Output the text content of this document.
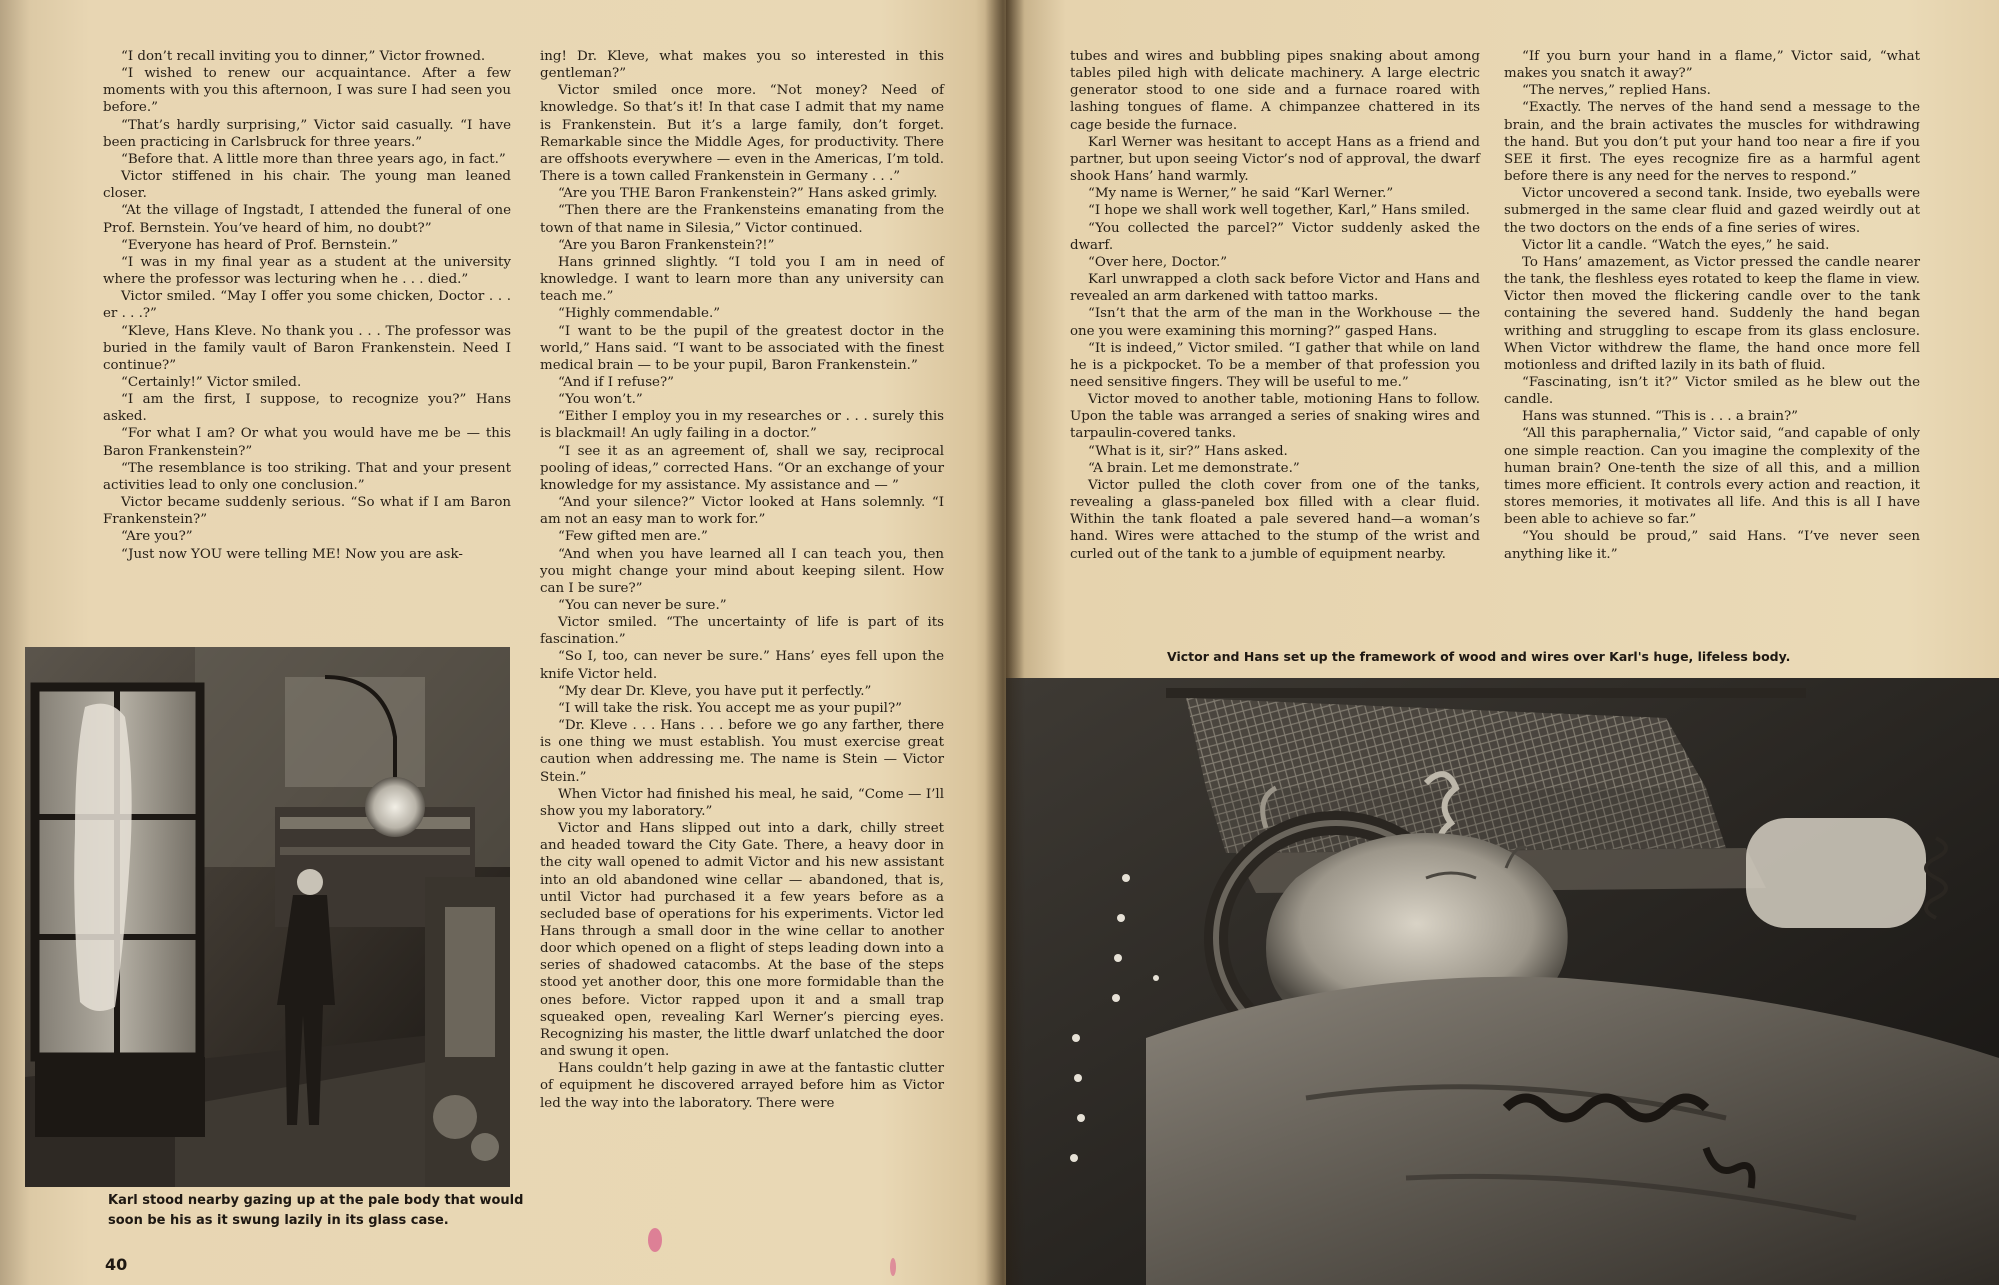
“I don’t recall inviting you to dinner,” Victor frowned.

“I wished to renew our acquaintance. After a few moments with you this afternoon, I was sure I had seen you before.”

“That’s hardly surprising,” Victor said casually. “I have been practicing in Carlsbruck for three years.”

“Before that. A little more than three years ago, in fact.”

Victor stiffened in his chair. The young man leaned closer.

“At the village of Ingstadt, I attended the funeral of one Prof. Bernstein. You’ve heard of him, no doubt?”

“Everyone has heard of Prof. Bernstein.”

“I was in my final year as a student at the university where the professor was lecturing when he . . . died.”

Victor smiled. “May I offer you some chicken, Doctor . . . er . . .?”

“Kleve, Hans Kleve. No thank you . . . The professor was buried in the family vault of Baron Frankenstein. Need I continue?”

“Certainly!” Victor smiled.

“I am the first, I suppose, to recognize you?” Hans asked.

“For what I am? Or what you would have me be — this Baron Frankenstein?”

“The resemblance is too striking. That and your present activities lead to only one conclusion.”

Victor became suddenly serious. “So what if I am Baron Frankenstein?”

“Are you?”

“Just now YOU were telling ME! Now you are ask-

ing! Dr. Kleve, what makes you so interested in this gentleman?”

Victor smiled once more. “Not money? Need of knowledge. So that’s it! In that case I admit that my name is Frankenstein. But it’s a large family, don’t forget. Remarkable since the Middle Ages, for productivity. There are offshoots everywhere — even in the Americas, I’m told. There is a town called Frankenstein in Germany . . .”

“Are you THE Baron Frankenstein?” Hans asked grimly.

“Then there are the Frankensteins emanating from the town of that name in Silesia,” Victor continued.

“Are you Baron Frankenstein?!”

Hans grinned slightly. “I told you I am in need of knowledge. I want to learn more than any university can teach me.”

“Highly commendable.”

“I want to be the pupil of the greatest doctor in the world,” Hans said. “I want to be associated with the finest medical brain — to be your pupil, Baron Frankenstein.”

“And if I refuse?”

“You won’t.”

“Either I employ you in my researches or . . . surely this is blackmail! An ugly failing in a doctor.”

“I see it as an agreement of, shall we say, reciprocal pooling of ideas,” corrected Hans. “Or an exchange of your knowledge for my assistance. My assistance and — ”

“And your silence?” Victor looked at Hans solemnly. “I am not an easy man to work for.”

“Few gifted men are.”

“And when you have learned all I can teach you, then you might change your mind about keeping silent. How can I be sure?”

“You can never be sure.”

Victor smiled. “The uncertainty of life is part of its fascination.”

“So I, too, can never be sure.” Hans’ eyes fell upon the knife Victor held.

“My dear Dr. Kleve, you have put it perfectly.”

“I will take the risk. You accept me as your pupil?”

“Dr. Kleve . . . Hans . . . before we go any farther, there is one thing we must establish. You must exercise great caution when addressing me. The name is Stein — Victor Stein.”

When Victor had finished his meal, he said, “Come — I’ll show you my laboratory.”

Victor and Hans slipped out into a dark, chilly street and headed toward the City Gate. There, a heavy door in the city wall opened to admit Victor and his new assistant into an old abandoned wine cellar — abandoned, that is, until Victor had purchased it a few years before as a secluded base of operations for his experiments. Victor led Hans through a small door in the wine cellar to another door which opened on a flight of steps leading down into a series of shadowed catacombs. At the base of the steps stood yet another door, this one more formidable than the ones before. Victor rapped upon it and a small trap squeaked open, revealing Karl Werner’s piercing eyes. Recognizing his master, the little dwarf unlatched the door and swung it open.

Hans couldn’t help gazing in awe at the fantastic clutter of equipment he discovered arrayed before him as Victor led the way into the laboratory. There were

Karl stood nearby gazing up at the pale body that would
soon be his as it swung lazily in its glass case.
40

tubes and wires and bubbling pipes snaking about among tables piled high with delicate machinery. A large electric generator stood to one side and a furnace roared with lashing tongues of flame. A chimpanzee chattered in its cage beside the furnace.

Karl Werner was hesitant to accept Hans as a friend and partner, but upon seeing Victor’s nod of approval, the dwarf shook Hans’ hand warmly.

“My name is Werner,” he said “Karl Werner.”

“I hope we shall work well together, Karl,” Hans smiled.

“You collected the parcel?” Victor suddenly asked the dwarf.

“Over here, Doctor.”

Karl unwrapped a cloth sack before Victor and Hans and revealed an arm darkened with tattoo marks.

“Isn’t that the arm of the man in the Workhouse — the one you were examining this morning?” gasped Hans.

“It is indeed,” Victor smiled. “I gather that while on land he is a pickpocket. To be a member of that profession you need sensitive fingers. They will be useful to me.”

Victor moved to another table, motioning Hans to follow. Upon the table was arranged a series of snaking wires and tarpaulin-covered tanks.

“What is it, sir?” Hans asked.

“A brain. Let me demonstrate.”

Victor pulled the cloth cover from one of the tanks, revealing a glass-paneled box filled with a clear fluid. Within the tank floated a pale severed hand—a woman’s hand. Wires were attached to the stump of the wrist and curled out of the tank to a jumble of equipment nearby.

“If you burn your hand in a flame,” Victor said, “what makes you snatch it away?”

“The nerves,” replied Hans.

“Exactly. The nerves of the hand send a message to the brain, and the brain activates the muscles for withdrawing the hand. But you don’t put your hand too near a fire if you SEE it first. The eyes recognize fire as a harmful agent before there is any need for the nerves to respond.”

Victor uncovered a second tank. Inside, two eyeballs were submerged in the same clear fluid and gazed weirdly out at the two doctors on the ends of a fine series of wires.

Victor lit a candle. “Watch the eyes,” he said.

To Hans’ amazement, as Victor pressed the candle nearer the tank, the fleshless eyes rotated to keep the flame in view. Victor then moved the flickering candle over to the tank containing the severed hand. Suddenly the hand began writhing and struggling to escape from its glass enclosure. When Victor withdrew the flame, the hand once more fell motionless and drifted lazily in its bath of fluid.

“Fascinating, isn’t it?” Victor smiled as he blew out the candle.

Hans was stunned. “This is . . . a brain?”

“All this paraphernalia,” Victor said, “and capable of only one simple reaction. Can you imagine the complexity of the human brain? One-tenth the size of all this, and a million times more efficient. It controls every action and reaction, it stores memories, it motivates all life. And this is all I have been able to achieve so far.”

“You should be proud,” said Hans. “I’ve never seen anything like it.”

Victor and Hans set up the framework of wood and wires over Karl's huge, lifeless body.
